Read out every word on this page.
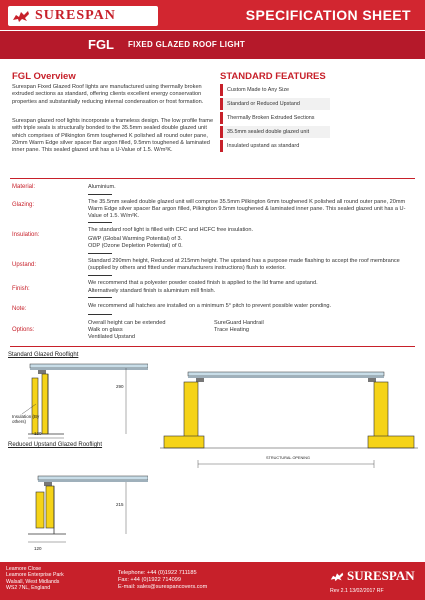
SURESPAN	SPECIFICATION SHEET
FGL FIXED GLAZED ROOF LIGHT
FGL Overview
Surespan Fixed Glazed Roof lights are manufactured using thermally broken extruded sections as standard, offering clients excellent energy conservation properties and substantially reducing internal condensation or frost formation.
Surespan glazed roof lights incorporate a frameless design. The low profile frame with triple seals is structurally bonded to the 35.5mm sealed double glazed unit which comprises of Pilkington 6mm toughened K polished all round outer pane, 20mm Warm Edge silver spacer Bar argon filled, 9.5mm toughened & laminated inner pane. This sealed glazed unit has a U-Value of 1.5. W/m²K.
STANDARD FEATURES
Custom Made to Any Size
Standard or Reduced Upstand
Thermally Broken Extruded Sections
35.5mm sealed double glazed unit
Insulated upstand as standard
Material:	Aluminium.
Glazing:	The 35.5mm sealed double glazed unit will comprise 35.5mm Pilkington 6mm toughened K polished all round outer pane, 20mm Warm Edge silver spacer Bar argon filled, Pilkington 9.5mm toughened & laminated inner pane. This sealed glazed unit has a U-Value of 1.5. W/m²K.
Insulation:
The standard roof light is filled with CFC and HCFC free insulation.
GWP (Global Warming Potential) of 3.
ODP (Ozone Depletion Potential) of 0.
Upstand:
Standard 290mm height, Reduced at 215mm height. The upstand has a purpose made flashing to accept the roof membrance (supplied by others and fitted under manufacturers instructions) flush to exterior.
Finish:
We recommend that a polyester powder coated finish is applied to the lid frame and upstand.
Alternatively standard finish is aluminium mill finish.
Note:	We recommend all hatches are installed on a minimum 5° pitch to prevent possible water ponding.
Options:
Overall height can be extended
Walk on glass
Ventilated Upstand
SureGuard Handrail
Trace Heating
Standard Glazed Rooflight
Insulation (By others)
290
120
STRUCTURAL OPENING
Reduced Upstand Glazed Rooflight
215
120
Leamore Close
Leamore Enterprise Park
Walsall, West Midlands
WS2 7NL, England
Telephone: +44 (0)1922 711185
Fax: +44 (0)1922 714099
E-mail: sales@surespancovers.com
SURESPAN
Rev 2.1 13/02/2017 RF
